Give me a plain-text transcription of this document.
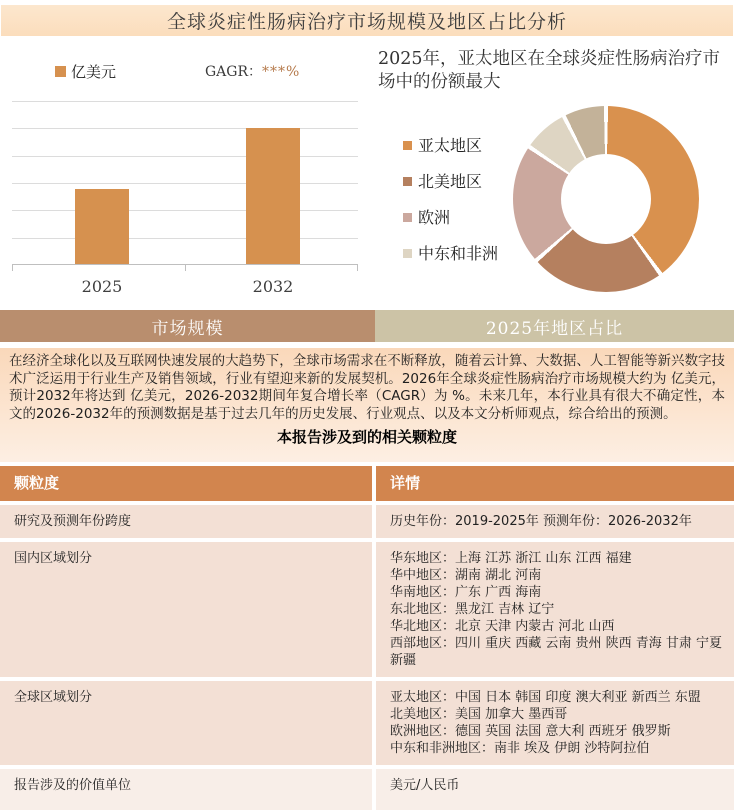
全球炎症性肠病治疗市场规模及地区占比分析
亿美元	GAGR：***%
2025	2032
2025年，亚太地区在全球炎症性肠病治疗市场中的份额最大
亚太地区
北美地区
欧洲
中东和非洲
市场规模	2025年地区占比
在经济全球化以及互联网快速发展的大趋势下，全球市场需求在不断释放，随着云计算、大数据、人工智能等新兴数字技术广泛运用于行业生产及销售领域，行业有望迎来新的发展契机。2026年全球炎症性肠病治疗市场规模大约为 亿美元，预计2032年将达到 亿美元，2026-2032期间年复合增长率（CAGR）为 %。未来几年，本行业具有很大不确定性，本文的2026-2032年的预测数据是基于过去几年的历史发展、行业观点、以及本文分析师观点，综合给出的预测。
本报告涉及到的相关颗粒度
颗粒度	详情
研究及预测年份跨度	历史年份：2019-2025年 预测年份：2026-2032年
国内区域划分	华东地区：上海 江苏 浙江 山东 江西 福建
华中地区：湖南 湖北 河南
华南地区：广东 广西 海南
东北地区：黑龙江 吉林 辽宁
华北地区：北京 天津 内蒙古 河北 山西
西部地区：四川 重庆 西藏 云南 贵州 陕西 青海 甘肃 宁夏 新疆
全球区域划分	亚太地区：中国 日本 韩国 印度 澳大利亚 新西兰 东盟
北美地区：美国 加拿大 墨西哥
欧洲地区：德国 英国 法国 意大利 西班牙 俄罗斯
中东和非洲地区：南非 埃及 伊朗 沙特阿拉伯
报告涉及的价值单位	美元/人民币
